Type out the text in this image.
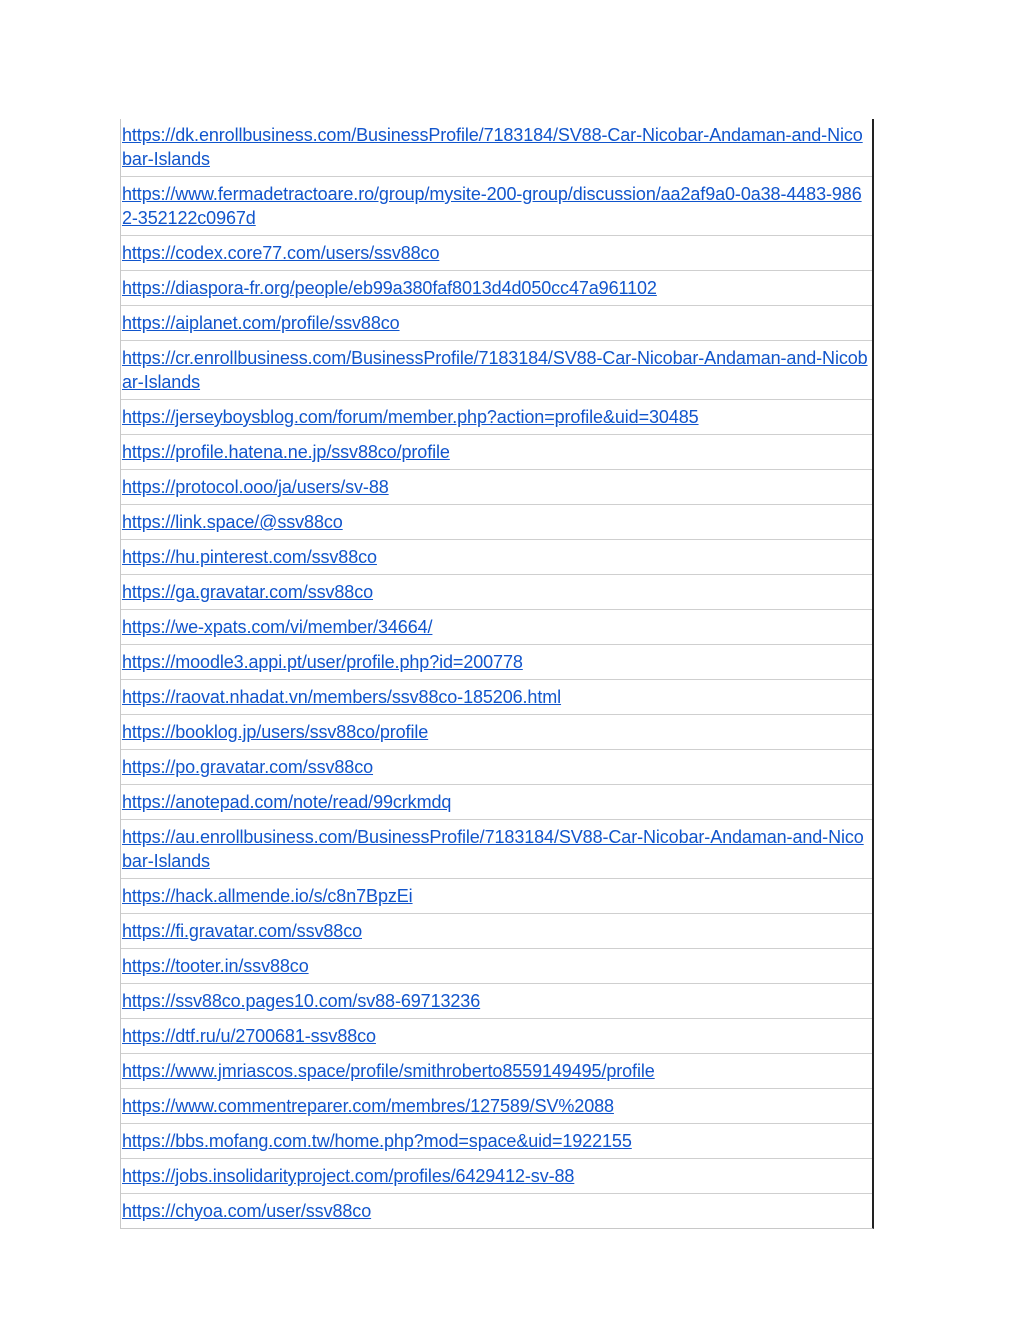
https://dk.enrollbusiness.com/BusinessProfile/7183184/SV88-Car-Nicobar-Andaman-and-Nicobar-Islands
https://www.fermadetractoare.ro/group/mysite-200-group/discussion/aa2af9a0-0a38-4483-9862-352122c0967d
https://codex.core77.com/users/ssv88co
https://diaspora-fr.org/people/eb99a380faf8013d4d050cc47a961102
https://aiplanet.com/profile/ssv88co
https://cr.enrollbusiness.com/BusinessProfile/7183184/SV88-Car-Nicobar-Andaman-and-Nicobar-Islands
https://jerseyboysblog.com/forum/member.php?action=profile&uid=30485
https://profile.hatena.ne.jp/ssv88co/profile
https://protocol.ooo/ja/users/sv-88
https://link.space/@ssv88co
https://hu.pinterest.com/ssv88co
https://ga.gravatar.com/ssv88co
https://we-xpats.com/vi/member/34664/
https://moodle3.appi.pt/user/profile.php?id=200778
https://raovat.nhadat.vn/members/ssv88co-185206.html
https://booklog.jp/users/ssv88co/profile
https://po.gravatar.com/ssv88co
https://anotepad.com/note/read/99crkmdq
https://au.enrollbusiness.com/BusinessProfile/7183184/SV88-Car-Nicobar-Andaman-and-Nicobar-Islands
https://hack.allmende.io/s/c8n7BpzEi
https://fi.gravatar.com/ssv88co
https://tooter.in/ssv88co
https://ssv88co.pages10.com/sv88-69713236
https://dtf.ru/u/2700681-ssv88co
https://www.jmriascos.space/profile/smithroberto8559149495/profile
https://www.commentreparer.com/membres/127589/SV%2088
https://bbs.mofang.com.tw/home.php?mod=space&uid=1922155
https://jobs.insolidarityproject.com/profiles/6429412-sv-88
https://chyoa.com/user/ssv88co
